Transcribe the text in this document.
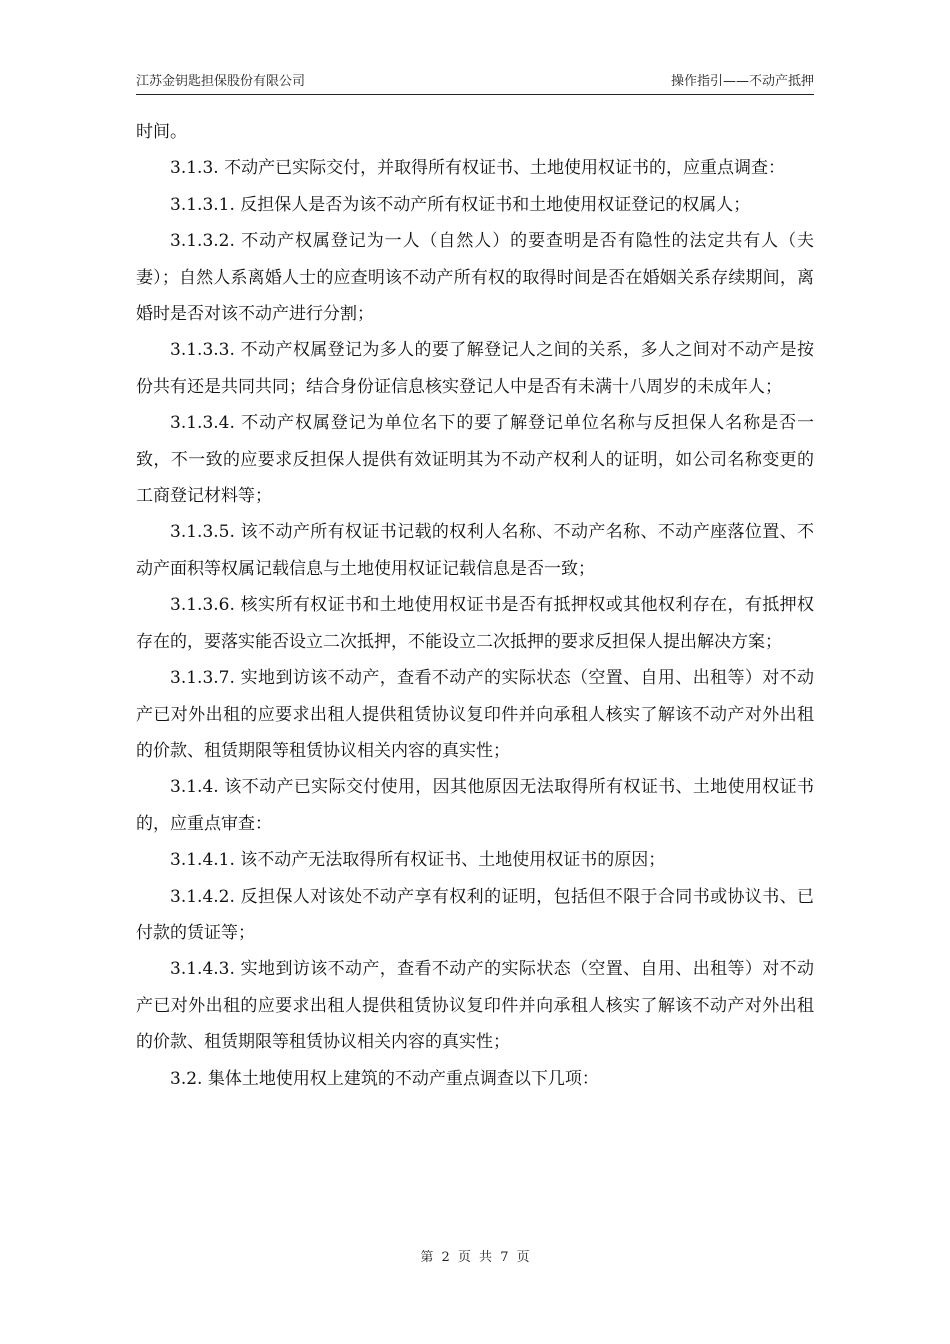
江苏金钥匙担保股份有限公司	操作指引——不动产抵押

时间。

3.1.3. 不动产已实际交付，并取得所有权证书、土地使用权证书的，应重点调查：

3.1.3.1. 反担保人是否为该不动产所有权证书和土地使用权证登记的权属人；

3.1.3.2. 不动产权属登记为一人（自然人）的要查明是否有隐性的法定共有人（夫妻）；自然人系离婚人士的应查明该不动产所有权的取得时间是否在婚姻关系存续期间，离婚时是否对该不动产进行分割；

3.1.3.3. 不动产权属登记为多人的要了解登记人之间的关系，多人之间对不动产是按份共有还是共同共同；结合身份证信息核实登记人中是否有未满十八周岁的未成年人；

3.1.3.4. 不动产权属登记为单位名下的要了解登记单位名称与反担保人名称是否一致，不一致的应要求反担保人提供有效证明其为不动产权利人的证明，如公司名称变更的工商登记材料等；

3.1.3.5. 该不动产所有权证书记载的权利人名称、不动产名称、不动产座落位置、不动产面积等权属记载信息与土地使用权证记载信息是否一致；

3.1.3.6. 核实所有权证书和土地使用权证书是否有抵押权或其他权利存在，有抵押权存在的，要落实能否设立二次抵押，不能设立二次抵押的要求反担保人提出解决方案；

3.1.3.7. 实地到访该不动产，查看不动产的实际状态（空置、自用、出租等）对不动产已对外出租的应要求出租人提供租赁协议复印件并向承租人核实了解该不动产对外出租的价款、租赁期限等租赁协议相关内容的真实性；

3.1.4. 该不动产已实际交付使用，因其他原因无法取得所有权证书、土地使用权证书的，应重点审查：

3.1.4.1. 该不动产无法取得所有权证书、土地使用权证书的原因；

3.1.4.2. 反担保人对该处不动产享有权利的证明，包括但不限于合同书或协议书、已付款的赁证等；

3.1.4.3. 实地到访该不动产，查看不动产的实际状态（空置、自用、出租等）对不动产已对外出租的应要求出租人提供租赁协议复印件并向承租人核实了解该不动产对外出租的价款、租赁期限等租赁协议相关内容的真实性；

3.2. 集体土地使用权上建筑的不动产重点调查以下几项：

第 2 页 共 7 页
